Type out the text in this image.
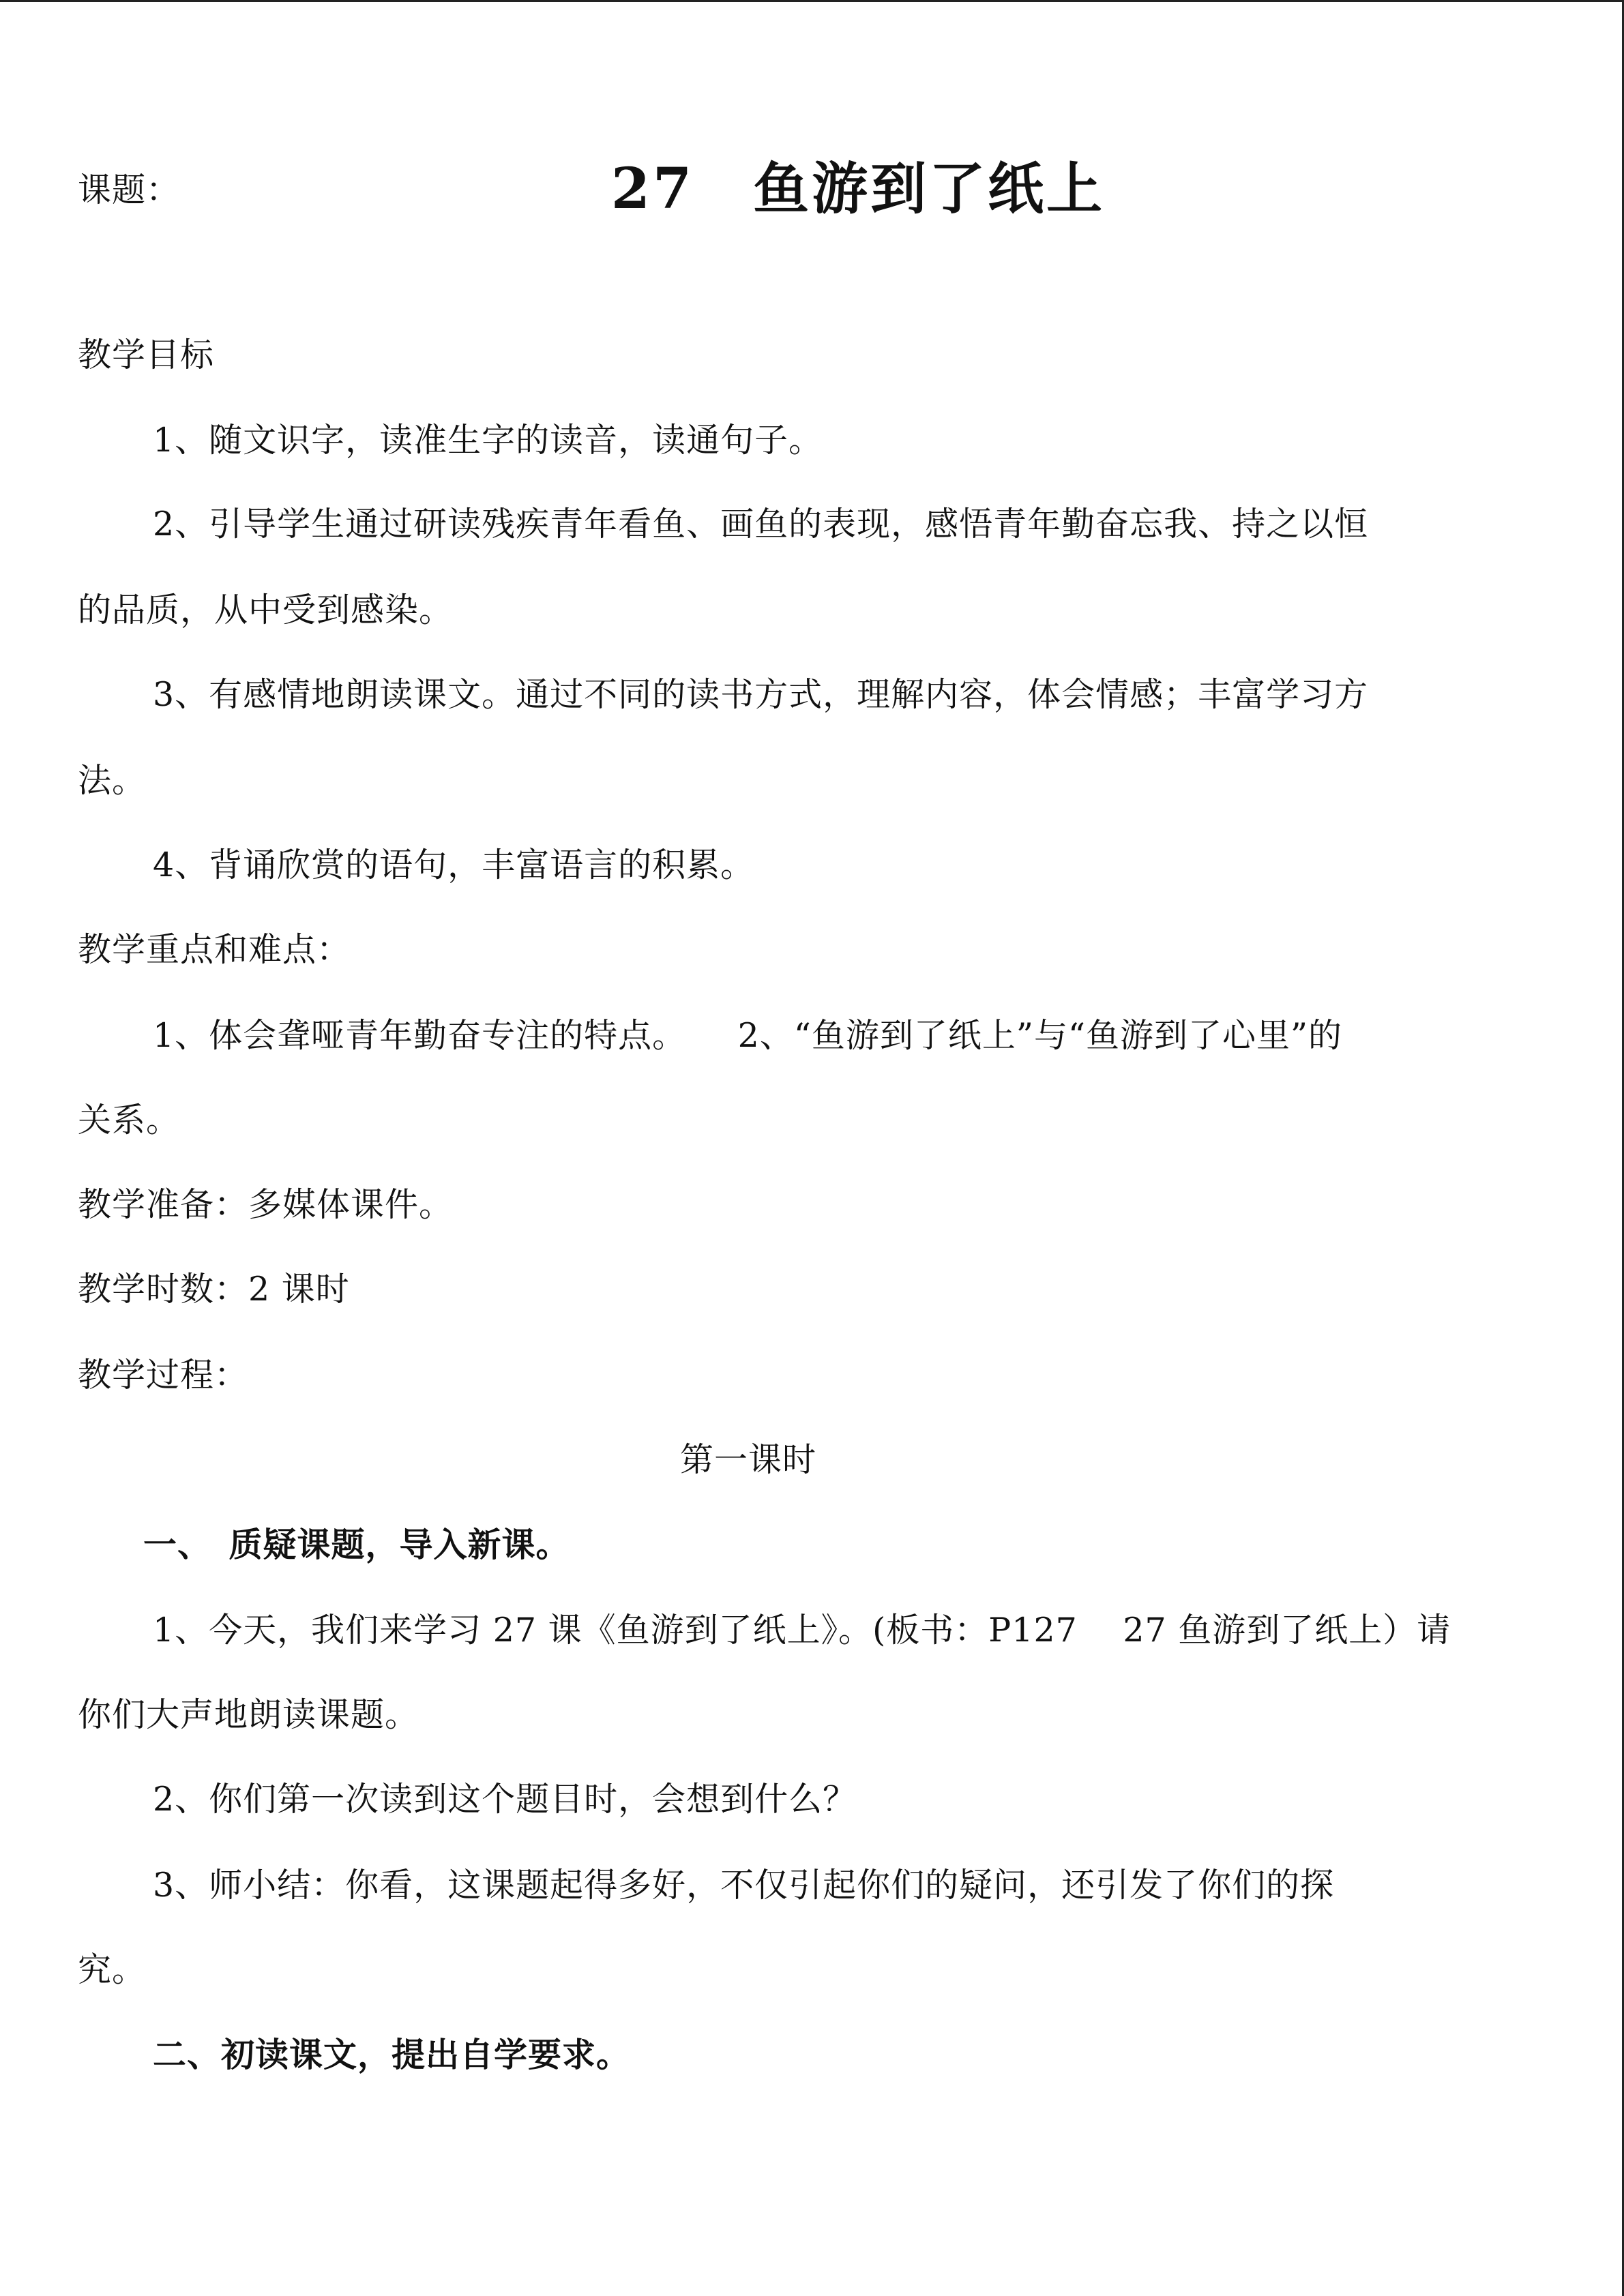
课题：	27　鱼游到了纸上
教学目标
1、随文识字，读准生字的读音，读通句子。
2、引导学生通过研读残疾青年看鱼、画鱼的表现，感悟青年勤奋忘我、持之以恒
的品质，从中受到感染。
3、有感情地朗读课文。通过不同的读书方式，理解内容，体会情感；丰富学习方
法。
4、背诵欣赏的语句，丰富语言的积累。
教学重点和难点：
1、体会聋哑青年勤奋专注的特点。　　2、“鱼游到了纸上”与“鱼游到了心里”的
关系。
教学准备：多媒体课件。
教学时数：2 课时
教学过程：
第一课时
一、　质疑课题，导入新课。
1、今天，我们来学习 27 课《鱼游到了纸上》。(板书：P127　 27 鱼游到了纸上）请
你们大声地朗读课题。
2、你们第一次读到这个题目时，会想到什么？
3、师小结：你看，这课题起得多好，不仅引起你们的疑问，还引发了你们的探
究。
二、初读课文，提出自学要求。
